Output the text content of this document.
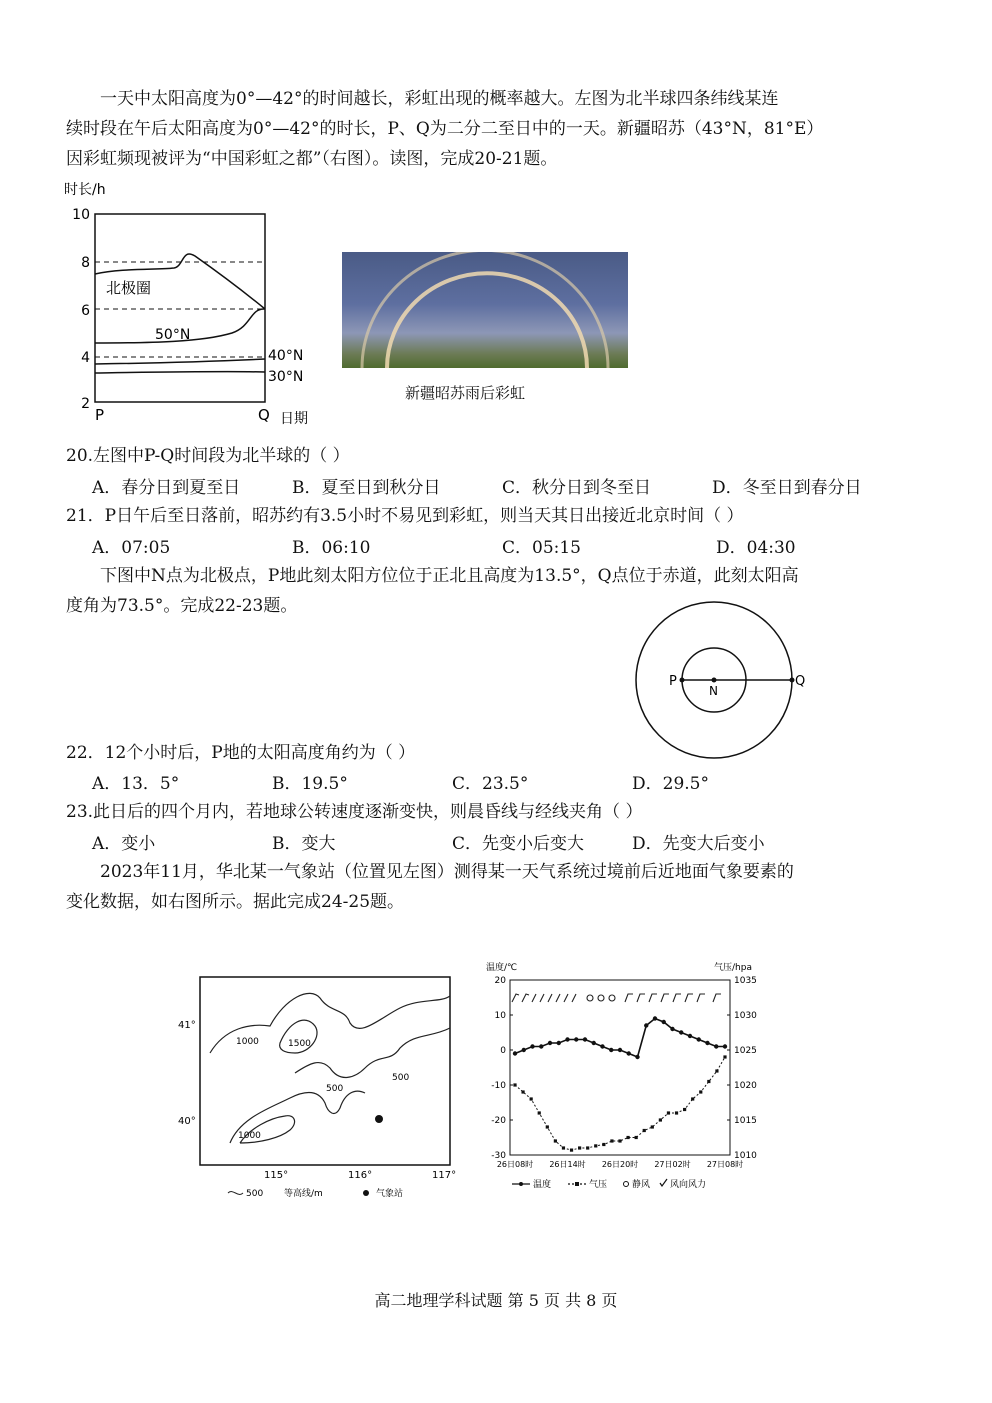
一天中太阳高度为0°—42°的时间越长，彩虹出现的概率越大。左图为北半球四条纬线某连
续时段在午后太阳高度为0°—42°的时长，P、Q为二分二至日中的一天。新疆昭苏（43°N，81°E）
因彩虹频现被评为“中国彩虹之都”（右图）。读图，完成20-21题。
时长/h
10
8
6
4
2
北极圈
50°N
40°N
30°N
P	Q 日期
新疆昭苏雨后彩虹
20.左图中P-Q时间段为北半球的（ ）
A．春分日到夏至日	B．夏至日到秋分日	C．秋分日到冬至日	D．冬至日到春分日
21．P日午后至日落前，昭苏约有3.5小时不易见到彩虹，则当天其日出接近北京时间（ ）
A．07:05	B．06:10	C．05:15	D．04:30
下图中N点为北极点，P地此刻太阳方位位于正北且高度为13.5°，Q点位于赤道，此刻太阳高
度角为73.5°。完成22-23题。
P
N
Q
22．12个小时后，P地的太阳高度角约为（ ）
A．13．5°	B．19.5°	C．23.5°	D．29.5°
23.此日后的四个月内，若地球公转速度逐渐变快，则晨昏线与经线夹角（ ）
A．变小	B．变大	C．先变小后变大	D．先变大后变小
2023年11月，华北某一气象站（位置见左图）测得某一天气系统过境前后近地面气象要素的
变化数据，如右图所示。据此完成24-25题。
41°
40°
115°	116°	117°
1000	1500
500
500
1000
500 等高线/m	气象站
温度/℃	气压/hpa
20
10
0
-10
-20
-30
1035
1030
1025
1020
1015
1010
26日08时 26日14时 26日20时 27日02时 27日08时
温度	气压	静风 风向风力
高二地理学科试题 第 5 页 共 8 页
